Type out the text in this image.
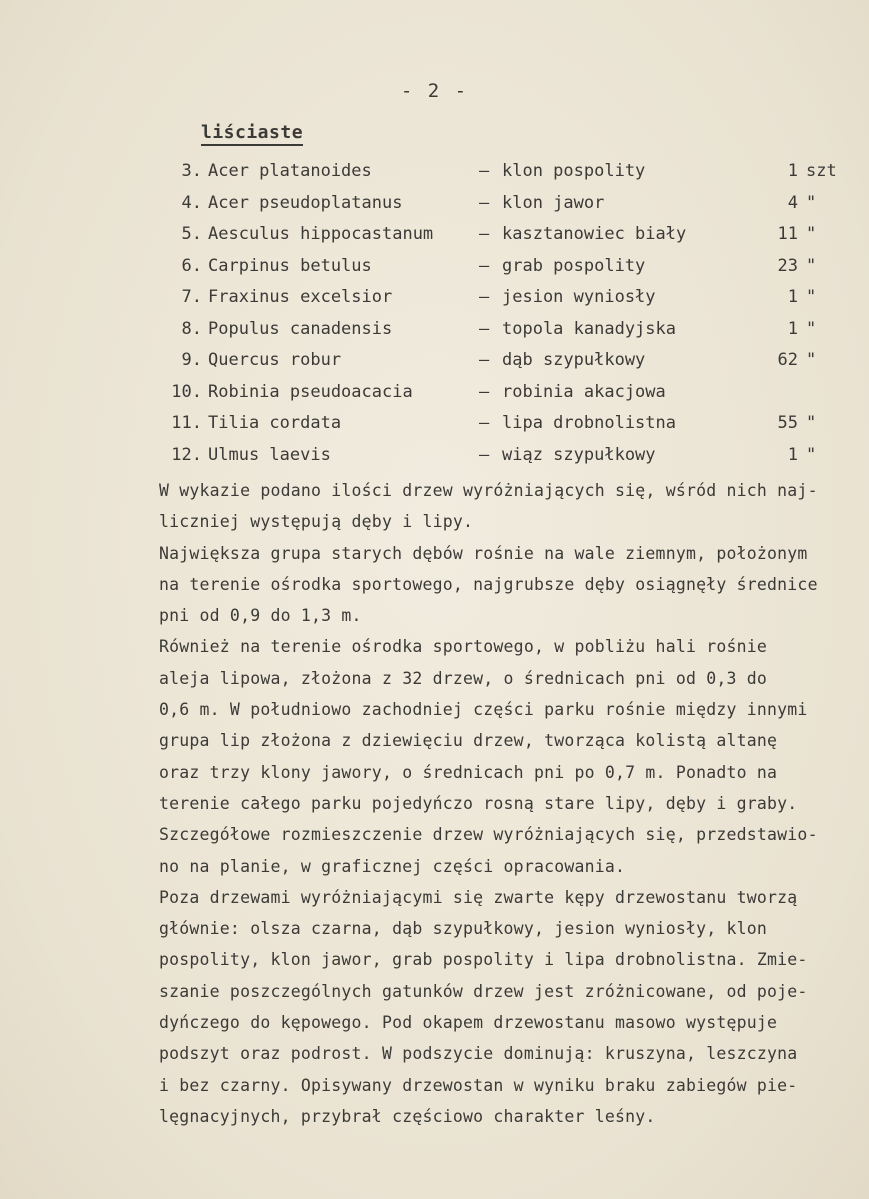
- 2 -
liściaste
3. Acer platanoides	klon pospolity	1 szt
–
4. Acer pseudoplatanus	klon jawor	4 "
–
5. Aesculus hippocastanum	kasztanowiec biały	11 "
–
6. Carpinus betulus	grab pospolity	23 "
–
7. Fraxinus excelsior	jesion wyniosły	1 "
–
8. Populus canadensis	topola kanadyjska	1 "
–
9. Quercus robur	dąb szypułkowy	62 "
–
10. Robinia pseudoacacia	robinia akacjowa
–
11. Tilia cordata	lipa drobnolistna	55 "
–
12. Ulmus laevis	wiąz szypułkowy	1 "
–
W wykazie podano ilości drzew wyróżniających się, wśród nich naj-
liczniej występują dęby i lipy.
Największa grupa starych dębów rośnie na wale ziemnym, położonym
na terenie ośrodka sportowego, najgrubsze dęby osiągnęły średnice
pni od 0,9 do 1,3 m.
Również na terenie ośrodka sportowego, w pobliżu hali rośnie
aleja lipowa, złożona z 32 drzew, o średnicach pni od 0,3 do
0,6 m. W południowo zachodniej części parku rośnie między innymi
grupa lip złożona z dziewięciu drzew, tworząca kolistą altanę
oraz trzy klony jawory, o średnicach pni po 0,7 m. Ponadto na
terenie całego parku pojedyńczo rosną stare lipy, dęby i graby.
Szczegółowe rozmieszczenie drzew wyróżniających się, przedstawio-
no na planie, w graficznej części opracowania.
Poza drzewami wyróżniającymi się zwarte kępy drzewostanu tworzą
głównie: olsza czarna, dąb szypułkowy, jesion wyniosły, klon
pospolity, klon jawor, grab pospolity i lipa drobnolistna. Zmie-
szanie poszczególnych gatunków drzew jest zróżnicowane, od poje-
dyńczego do kępowego. Pod okapem drzewostanu masowo występuje
podszyt oraz podrost. W podszycie dominują: kruszyna, leszczyna
i bez czarny. Opisywany drzewostan w wyniku braku zabiegów pie-
lęgnacyjnych, przybrał częściowo charakter leśny.
